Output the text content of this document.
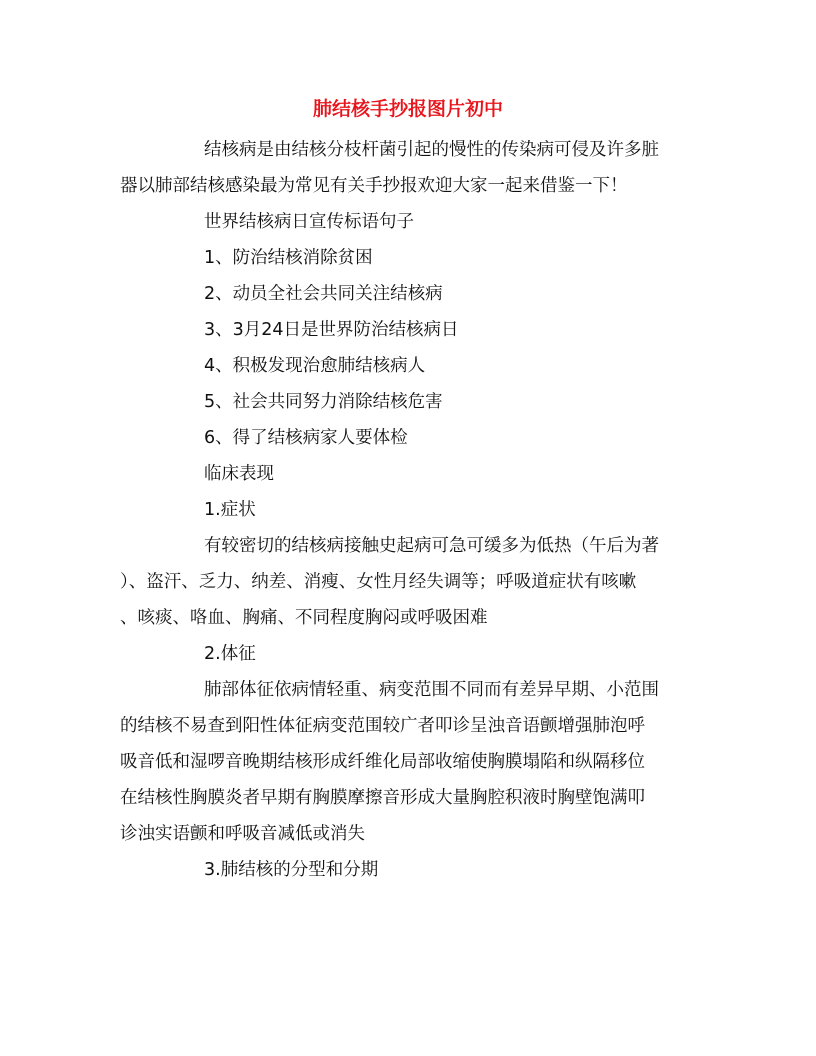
肺结核手抄报图片初中
结核病是由结核分枝杆菌引起的慢性的传染病可侵及许多脏
器以肺部结核感染最为常见有关手抄报欢迎大家一起来借鉴一下！
世界结核病日宣传标语句子
1、防治结核消除贫困
2、动员全社会共同关注结核病
3、3月24日是世界防治结核病日
4、积极发现治愈肺结核病人
5、社会共同努力消除结核危害
6、得了结核病家人要体检
临床表现
1.症状
有较密切的结核病接触史起病可急可缓多为低热（午后为著
）、盗汗、乏力、纳差、消瘦、女性月经失调等；呼吸道症状有咳嗽
、咳痰、咯血、胸痛、不同程度胸闷或呼吸困难
2.体征
肺部体征依病情轻重、病变范围不同而有差异早期、小范围
的结核不易查到阳性体征病变范围较广者叩诊呈浊音语颤增强肺泡呼
吸音低和湿啰音晚期结核形成纤维化局部收缩使胸膜塌陷和纵隔移位
在结核性胸膜炎者早期有胸膜摩擦音形成大量胸腔积液时胸壁饱满叩
诊浊实语颤和呼吸音减低或消失
3.肺结核的分型和分期
